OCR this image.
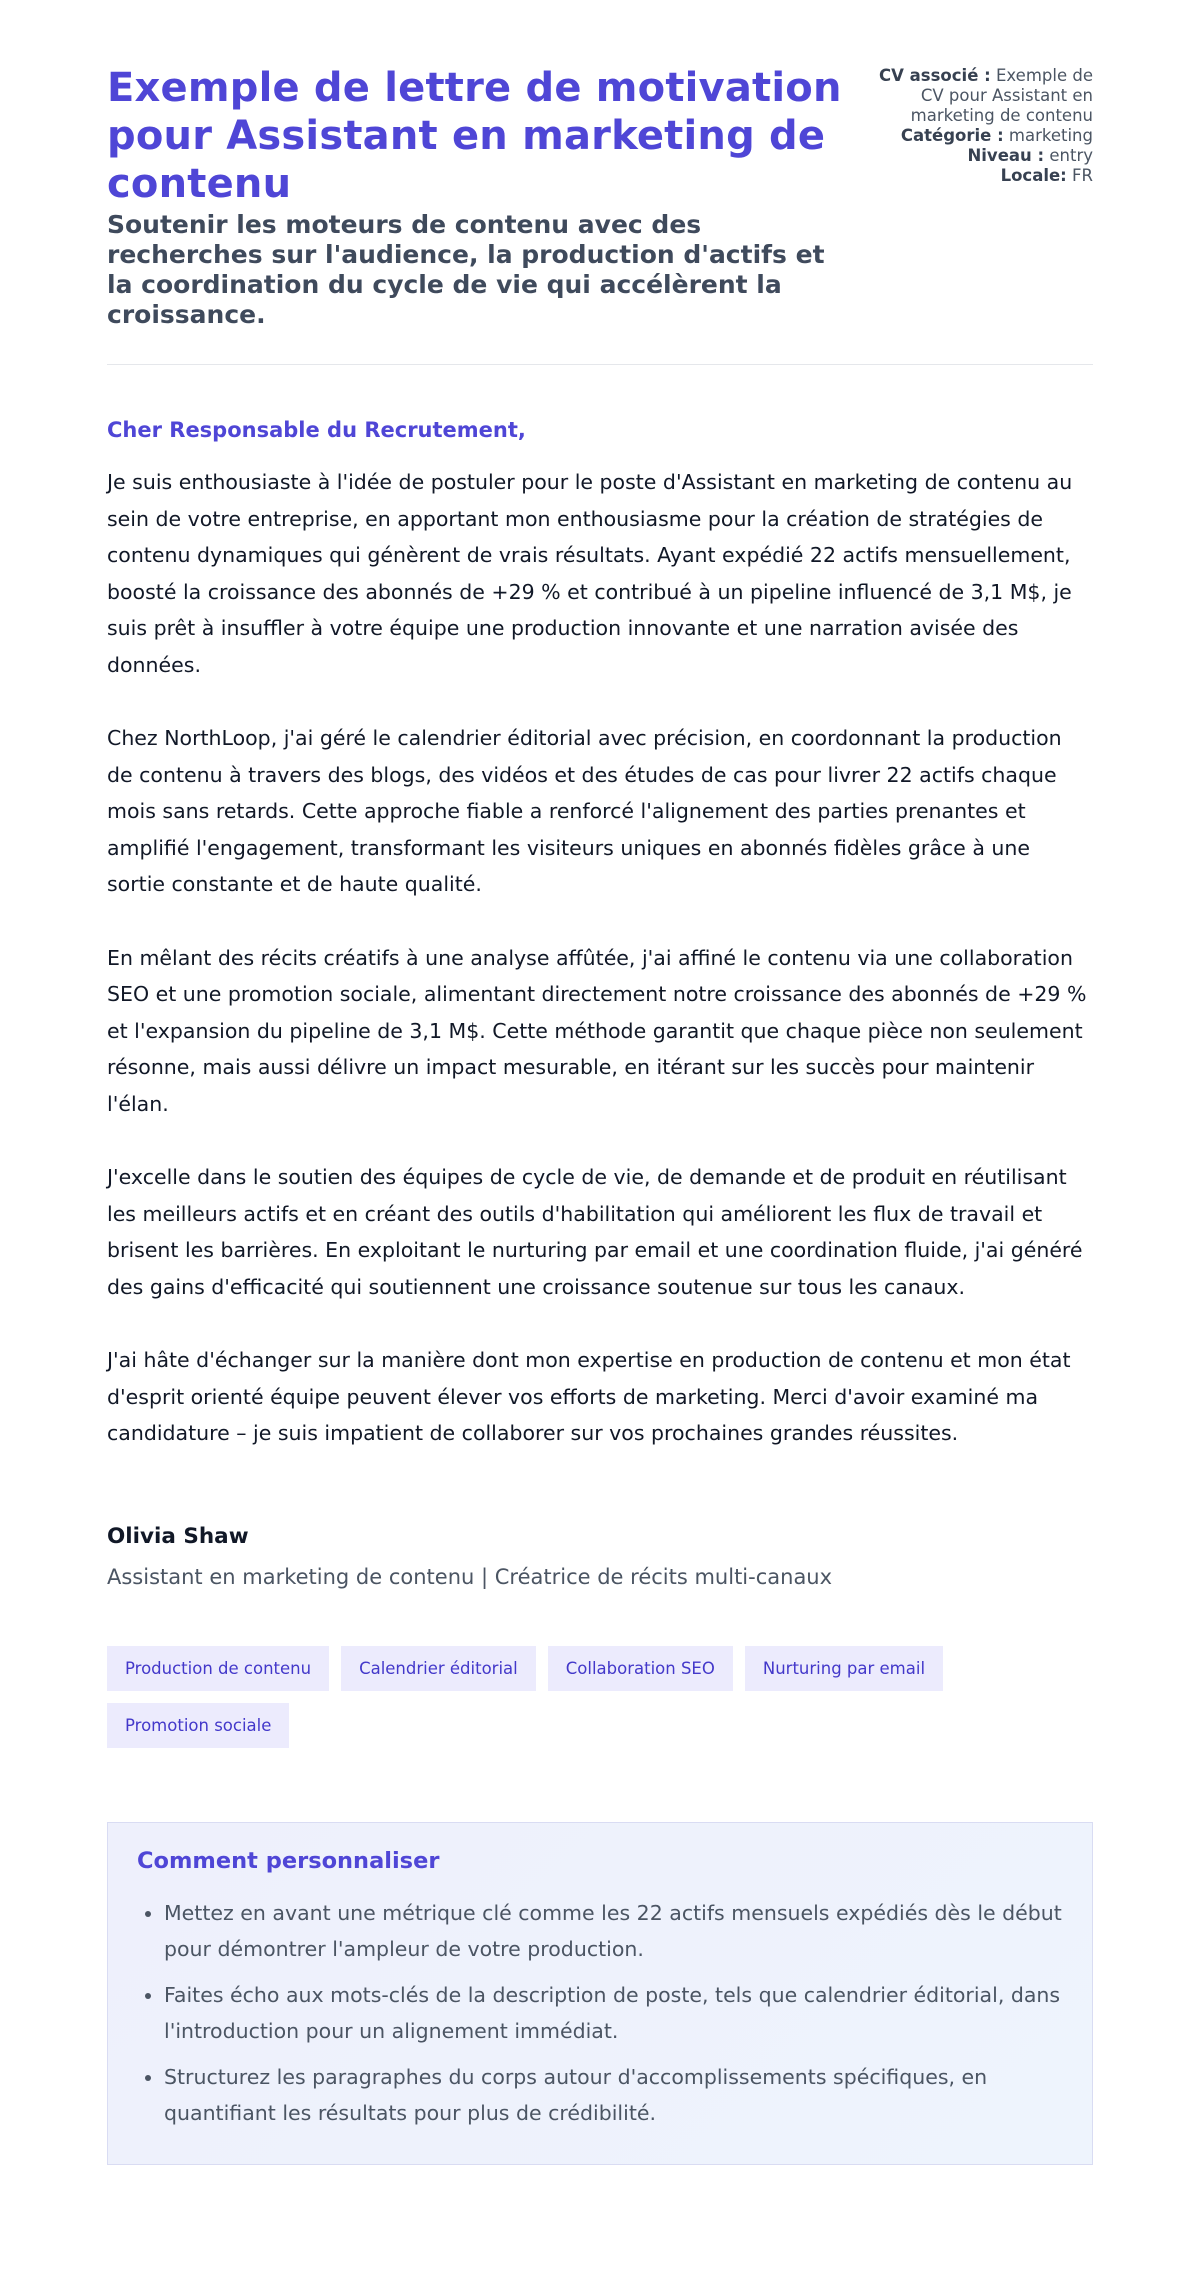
Exemple de lettre de motivation pour Assistant en marketing de contenu
Soutenir les moteurs de contenu avec des recherches sur l'audience, la production d'actifs et la coordination du cycle de vie qui accélèrent la croissance.

CV associé : Exemple de CV pour Assistant en marketing de contenu

Catégorie : marketing

Niveau : entry

Locale: FR

Cher Responsable du Recrutement,

Je suis enthousiaste à l'idée de postuler pour le poste d'Assistant en marketing de contenu au sein de votre entreprise, en apportant mon enthousiasme pour la création de stratégies de contenu dynamiques qui génèrent de vrais résultats. Ayant expédié 22 actifs mensuellement, boosté la croissance des abonnés de +29 % et contribué à un pipeline influencé de 3,1 M$, je suis prêt à insuffler à votre équipe une production innovante et une narration avisée des données.

Chez NorthLoop, j'ai géré le calendrier éditorial avec précision, en coordonnant la production de contenu à travers des blogs, des vidéos et des études de cas pour livrer 22 actifs chaque mois sans retards. Cette approche fiable a renforcé l'alignement des parties prenantes et amplifié l'engagement, transformant les visiteurs uniques en abonnés fidèles grâce à une sortie constante et de haute qualité.

En mêlant des récits créatifs à une analyse affûtée, j'ai affiné le contenu via une collaboration SEO et une promotion sociale, alimentant directement notre croissance des abonnés de +29 % et l'expansion du pipeline de 3,1 M$. Cette méthode garantit que chaque pièce non seulement résonne, mais aussi délivre un impact mesurable, en itérant sur les succès pour maintenir l'élan.

J'excelle dans le soutien des équipes de cycle de vie, de demande et de produit en réutilisant les meilleurs actifs et en créant des outils d'habilitation qui améliorent les flux de travail et brisent les barrières. En exploitant le nurturing par email et une coordination fluide, j'ai généré des gains d'efficacité qui soutiennent une croissance soutenue sur tous les canaux.

J'ai hâte d'échanger sur la manière dont mon expertise en production de contenu et mon état d'esprit orienté équipe peuvent élever vos efforts de marketing. Merci d'avoir examiné ma candidature – je suis impatient de collaborer sur vos prochaines grandes réussites.

Olivia Shaw

Assistant en marketing de contenu | Créatrice de récits multi-canaux

Production de contenu	Calendrier éditorial	Collaboration SEO	Nurturing par email
Promotion sociale
Comment personnaliser
• Mettez en avant une métrique clé comme les 22 actifs mensuels expédiés dès le début pour démontrer l'ampleur de votre production.
• Faites écho aux mots-clés de la description de poste, tels que calendrier éditorial, dans l'introduction pour un alignement immédiat.
• Structurez les paragraphes du corps autour d'accomplissements spécifiques, en quantifiant les résultats pour plus de crédibilité.
